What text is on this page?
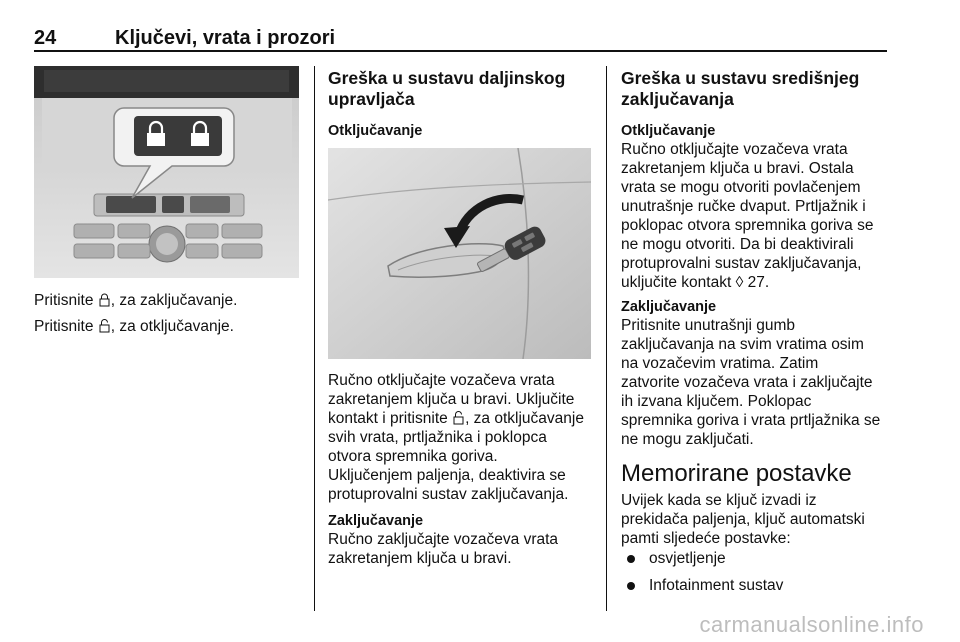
24	Ključevi, vrata i prozori
Pritisnite , za zaključavanje.
Pritisnite , za otključavanje.
Greška u sustavu daljinskog
upravljača
Otključavanje
Ručno otključajte vozačeva vrata
zakretanjem ključa u bravi. Uključite
kontakt i pritisnite , za otključavanje
svih vrata, prtljažnika i poklopca
otvora spremnika goriva.
Uključenjem paljenja, deaktivira se
protuprovalni sustav zaključavanja.
Zaključavanje
Ručno zaključajte vozačeva vrata
zakretanjem ključa u bravi.
Greška u sustavu središnjeg
zaključavanja
Otključavanje
Ručno otključajte vozačeva vrata
zakretanjem ključa u bravi. Ostala
vrata se mogu otvoriti povlačenjem
unutrašnje ručke dvaput. Prtljažnik i
poklopac otvora spremnika goriva se
ne mogu otvoriti. Da bi deaktivirali
protuprovalni sustav zaključavanja,
uključite kontakt ◊ 27.
Zaključavanje
Pritisnite unutrašnji gumb
zaključavanja na svim vratima osim
na vozačevim vratima. Zatim
zatvorite vozačeva vrata i zaključajte
ih izvana ključem. Poklopac
spremnika goriva i vrata prtljažnika se
ne mogu zaključati.
Memorirane postavke
Uvijek kada se ključ izvadi iz
prekidača paljenja, ključ automatski
pamti sljedeće postavke:
osvjetljenje
Infotainment sustav
carmanualsonline.info
